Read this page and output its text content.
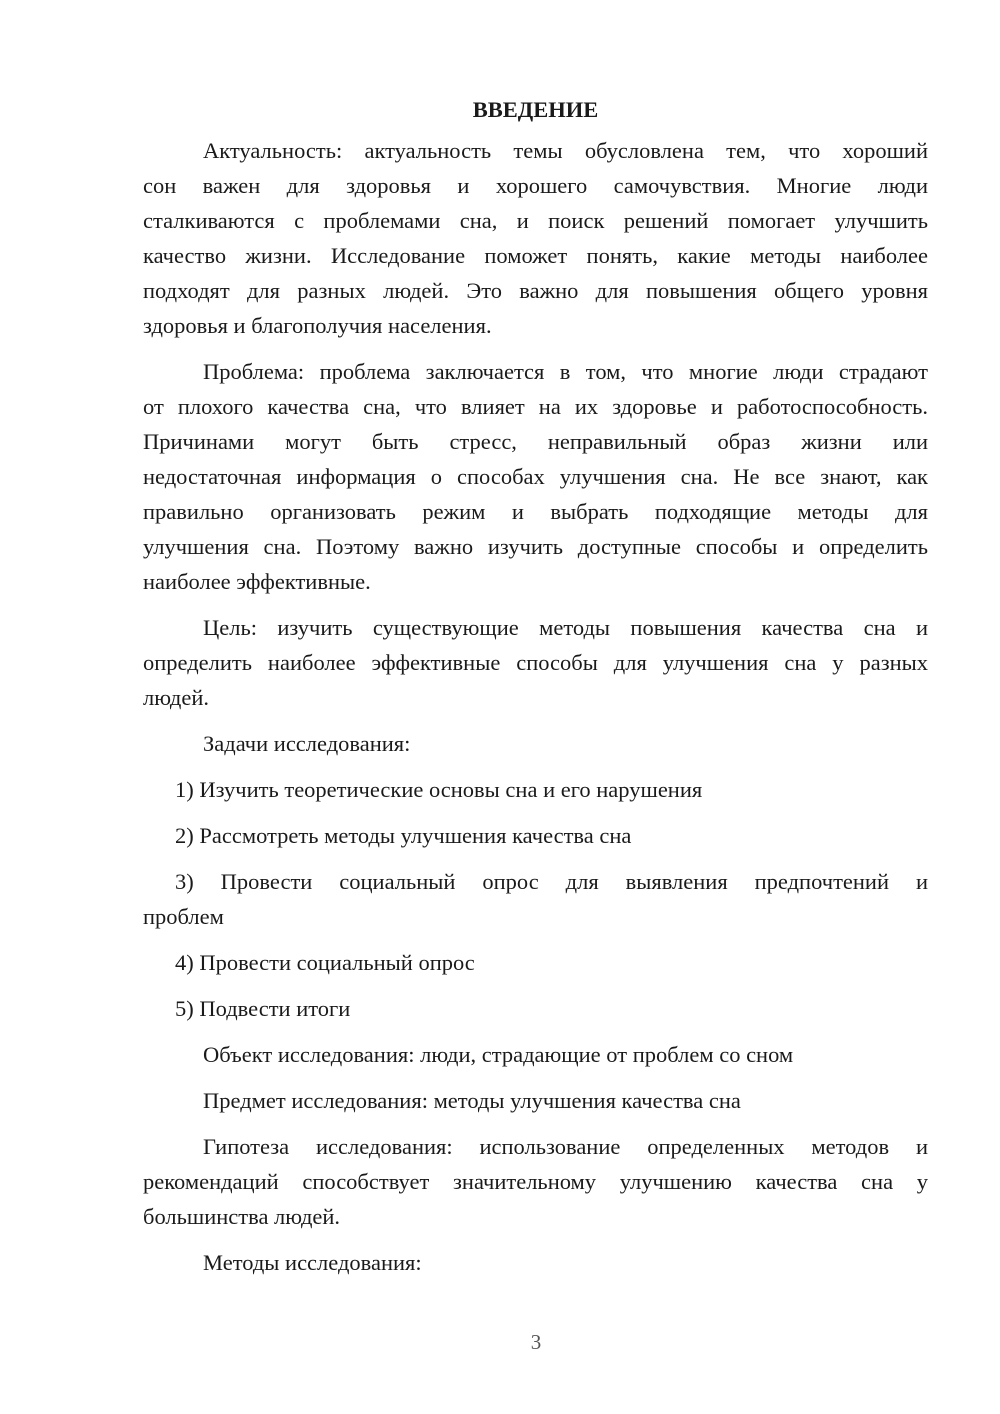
ВВЕДЕНИЕ
Актуальность: актуальность темы обусловлена тем, что хороший
сон важен для здоровья и хорошего самочувствия. Многие люди
сталкиваются с проблемами сна, и поиск решений помогает улучшить
качество жизни. Исследование поможет понять, какие методы наиболее
подходят для разных людей. Это важно для повышения общего уровня
здоровья и благополучия населения.
Проблема: проблема заключается в том, что многие люди страдают
от плохого качества сна, что влияет на их здоровье и работоспособность.
Причинами могут быть стресс, неправильный образ жизни или
недостаточная информация о способах улучшения сна. Не все знают, как
правильно организовать режим и выбрать подходящие методы для
улучшения сна. Поэтому важно изучить доступные способы и определить
наиболее эффективные.
Цель: изучить существующие методы повышения качества сна и
определить наиболее эффективные способы для улучшения сна у разных
людей.
Задачи исследования:
1) Изучить теоретические основы сна и его нарушения
2) Рассмотреть методы улучшения качества сна
3) Провести социальный опрос для выявления предпочтений и
проблем
4) Провести социальный опрос
5) Подвести итоги
Объект исследования: люди, страдающие от проблем со сном
Предмет исследования: методы улучшения качества сна
Гипотеза исследования: использование определенных методов и
рекомендаций способствует значительному улучшению качества сна у
большинства людей.
Методы исследования:
3
